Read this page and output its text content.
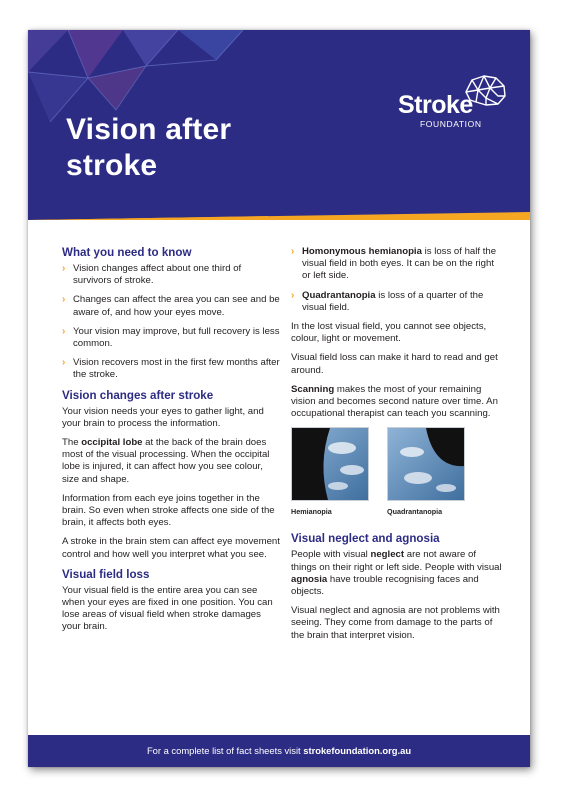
Vision after
stroke
Stroke
FOUNDATION
What you need to know
› Vision changes affect about one third of survivors of stroke.
› Changes can affect the area you can see and be aware of, and how your eyes move.
› Your vision may improve, but full recovery is less common.
› Vision recovers most in the first few months after the stroke.
Vision changes after stroke

Your vision needs your eyes to gather light, and your brain to process the information.

The occipital lobe at the back of the brain does most of the visual processing. When the occipital lobe is injured, it can affect how you see colour, size and shape.

Information from each eye joins together in the brain. So even when stroke affects one side of the brain, it affects both eyes.

A stroke in the brain stem can affect eye movement control and how well you interpret what you see.

Visual field loss

Your visual field is the entire area you can see when your eyes are fixed in one position. You can lose areas of visual field when stroke damages your brain.

› Homonymous hemianopia is loss of half the visual field in both eyes. It can be on the right or left side.
› Quadrantanopia is loss of a quarter of the visual field.

In the lost visual field, you cannot see objects, colour, light or movement.

Visual field loss can make it hard to read and get around.

Scanning makes the most of your remaining vision and becomes second nature over time. An occupational therapist can teach you scanning.

Hemianopia	Quadrantanopia
Visual neglect and agnosia

People with visual neglect are not aware of things on their right or left side. People with visual agnosia have trouble recognising faces and objects.

Visual neglect and agnosia are not problems with seeing. They come from damage to the parts of the brain that interpret vision.

For a complete list of fact sheets visit strokefoundation.org.au
